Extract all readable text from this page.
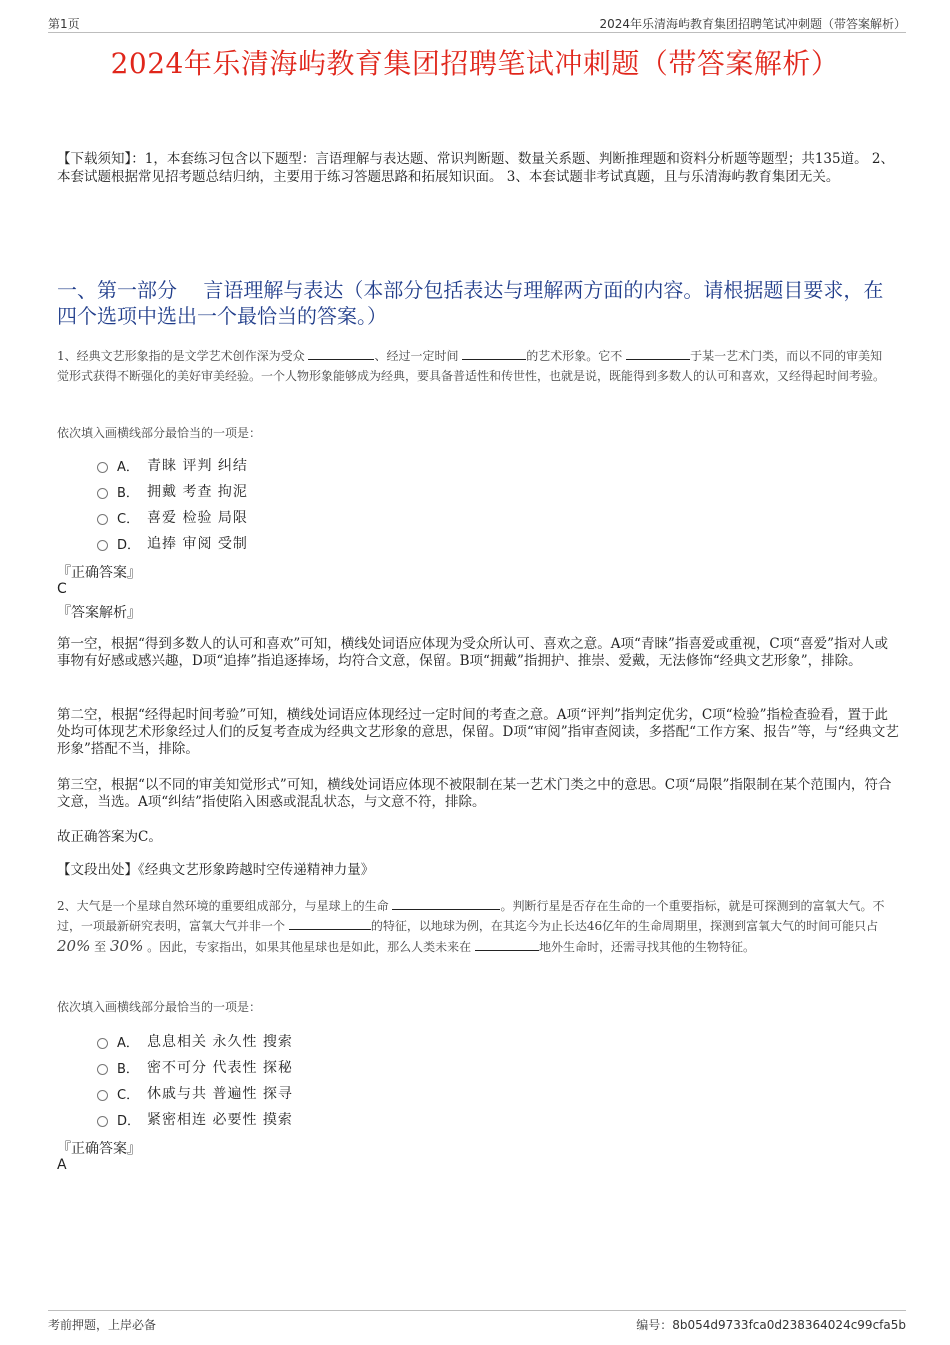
第1页	2024年乐清海屿教育集团招聘笔试冲刺题（带答案解析）
2024年乐清海屿教育集团招聘笔试冲刺题（带答案解析）
【下载须知】：1，本套练习包含以下题型：言语理解与表达题、常识判断题、数量关系题、判断推理题和资料分析题等题型；共135道。 2、本套试题根据常见招考题总结归纳，主要用于练习答题思路和拓展知识面。 3、本套试题非考试真题，且与乐清海屿教育集团无关。
一、第一部分　 言语理解与表达（本部分包括表达与理解两方面的内容。请根据题目要求，在四个选项中选出一个最恰当的答案。）
1、经典文艺形象指的是文学艺术创作深为受众	、经过一定时间	的艺术形象。它不	于某一艺术门类，而以不同的审美知觉形式获得不断强化的美好审美经验。一个人物形象能够成为经典，要具备普适性和传世性，也就是说，既能得到多数人的认可和喜欢，又经得起时间考验。
依次填入画横线部分最恰当的一项是：
A． 青睐 评判 纠结
B． 拥戴 考查 拘泥
C． 喜爱 检验 局限
D． 追捧 审阅 受制
『正确答案』
C
『答案解析』
第一空，根据“得到多数人的认可和喜欢”可知，横线处词语应体现为受众所认可、喜欢之意。A项“青睐”指喜爱或重视，C项“喜爱”指对人或事物有好感或感兴趣，D项“追捧”指追逐捧场，均符合文意，保留。B项“拥戴”指拥护、推崇、爱戴，无法修饰“经典文艺形象”，排除。
第二空，根据“经得起时间考验”可知，横线处词语应体现经过一定时间的考查之意。A项“评判”指判定优劣，C项“检验”指检查验看，置于此处均可体现艺术形象经过人们的反复考查成为经典文艺形象的意思，保留。D项“审阅”指审查阅读，多搭配“工作方案、报告”等，与“经典文艺形象”搭配不当，排除。
第三空，根据“以不同的审美知觉形式”可知，横线处词语应体现不被限制在某一艺术门类之中的意思。C项“局限”指限制在某个范围内，符合文意，当选。A项“纠结”指使陷入困惑或混乱状态，与文意不符，排除。
故正确答案为C。
【文段出处】《经典文艺形象跨越时空传递精神力量》
2、大气是一个星球自然环境的重要组成部分，与星球上的生命	。判断行星是否存在生命的一个重要指标，就是可探测到的富氧大气。不过，一项最新研究表明，富氧大气并非一个	的特征，以地球为例，在其迄今为止长达46亿年的生命周期里，探测到富氧大气的时间可能只占 20% 至 30% 。因此，专家指出，如果其他星球也是如此，那么人类未来在	地外生命时，还需寻找其他的生物特征。
依次填入画横线部分最恰当的一项是：
A． 息息相关 永久性 搜索
B． 密不可分 代表性 探秘
C． 休戚与共 普遍性 探寻
D． 紧密相连 必要性 摸索
『正确答案』
A
考前押题，上岸必备	编号：8b054d9733fca0d238364024c99cfa5b
